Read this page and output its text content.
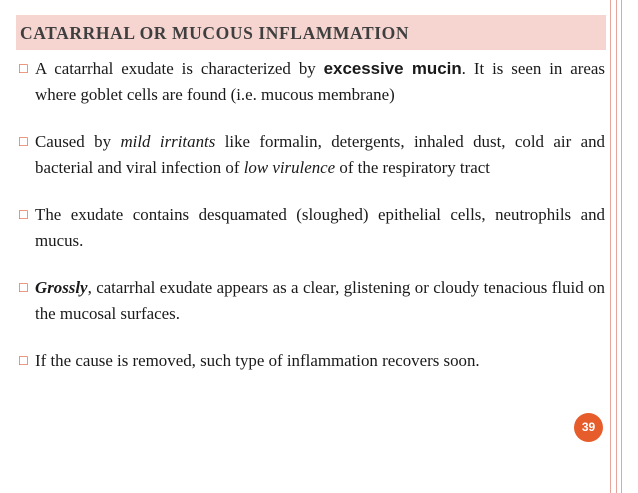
CATARRHAL OR MUCOUS INFLAMMATION
☐ A catarrhal exudate is characterized by excessive mucin. It is seen in areas where goblet cells are found (i.e. mucous membrane)
☐ Caused by mild irritants like formalin, detergents, inhaled dust, cold air and bacterial and viral infection of low virulence of the respiratory tract
☐ The exudate contains desquamated (sloughed) epithelial cells, neutrophils and mucus.
☐ Grossly, catarrhal exudate appears as a clear, glistening or cloudy tenacious fluid on the mucosal surfaces.
☐ If the cause is removed, such type of inflammation recovers soon.
39
